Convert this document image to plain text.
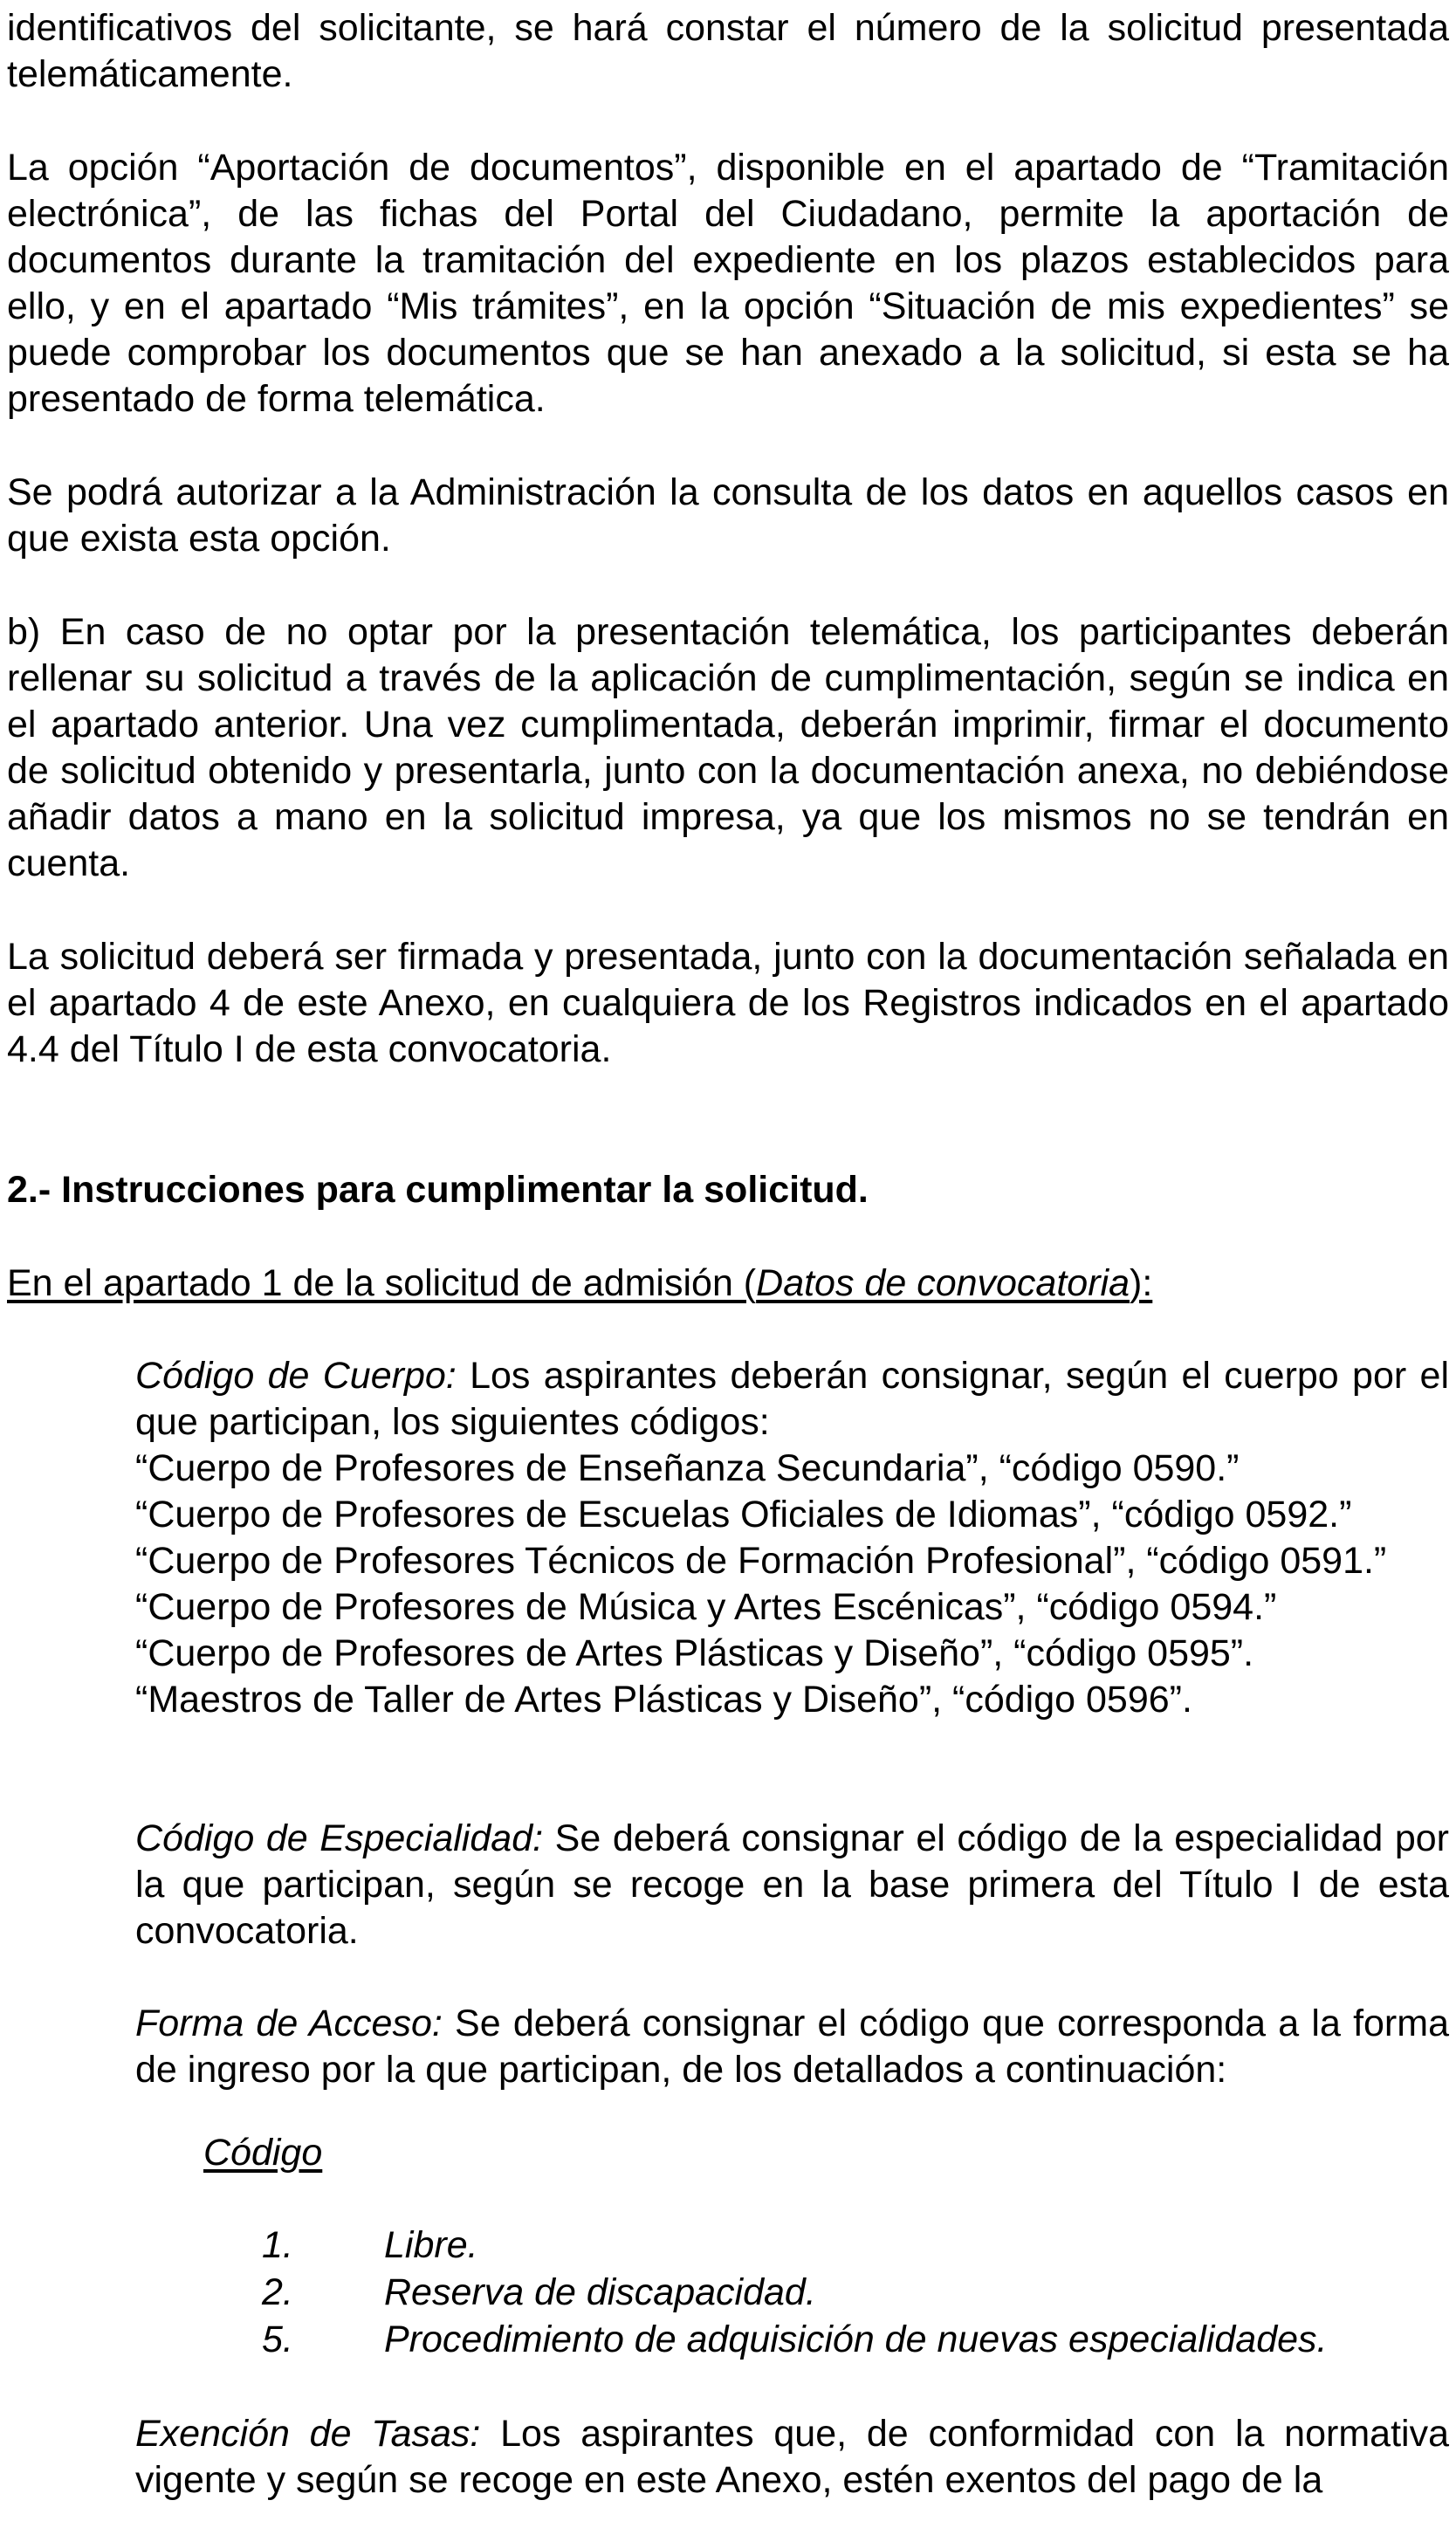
identificativos del solicitante, se hará constar el número de la solicitud presentada telemáticamente.

La opción “Aportación de documentos”, disponible en el apartado de “Tramitación electrónica”, de las fichas del Portal del Ciudadano, permite la aportación de documentos durante la tramitación del expediente en los plazos establecidos para ello, y en el apartado “Mis trámites”, en la opción “Situación de mis expedientes” se puede comprobar los documentos que se han anexado a la solicitud, si esta se ha presentado de forma telemática.

Se podrá autorizar a la Administración la consulta de los datos en aquellos casos en que exista esta opción.

b) En caso de no optar por la presentación telemática, los participantes deberán rellenar su solicitud a través de la aplicación de cumplimentación, según se indica en el apartado anterior. Una vez cumplimentada, deberán imprimir, firmar el documento de solicitud obtenido y presentarla, junto con la documentación anexa, no debiéndose añadir datos a mano en la solicitud impresa, ya que los mismos no se tendrán en cuenta.

La solicitud deberá ser firmada y presentada, junto con la documentación señalada en el apartado 4 de este Anexo, en cualquiera de los Registros indicados en el apartado 4.4 del Título I de esta convocatoria.

2.- Instrucciones para cumplimentar la solicitud.

En el apartado 1 de la solicitud de admisión (Datos de convocatoria):

Código de Cuerpo: Los aspirantes deberán consignar, según el cuerpo por el que participan, los siguientes códigos:
“Cuerpo de Profesores de Enseñanza Secundaria”, “código 0590.”
“Cuerpo de Profesores de Escuelas Oficiales de Idiomas”, “código 0592.”
“Cuerpo de Profesores Técnicos de Formación Profesional”, “código 0591.”
“Cuerpo de Profesores de Música y Artes Escénicas”, “código 0594.”
“Cuerpo de Profesores de Artes Plásticas y Diseño”, “código 0595”.
“Maestros de Taller de Artes Plásticas y Diseño”, “código 0596”.

Código de Especialidad: Se deberá consignar el código de la especialidad por la que participan, según se recoge en la base primera del Título I de esta convocatoria.

Forma de Acceso: Se deberá consignar el código que corresponda a la forma de ingreso por la que participan, de los detallados a continuación:

Código
1. Libre.
2. Reserva de discapacidad.
5. Procedimiento de adquisición de nuevas especialidades.

Exención de Tasas: Los aspirantes que, de conformidad con la normativa vigente y según se recoge en este Anexo, estén exentos del pago de la
